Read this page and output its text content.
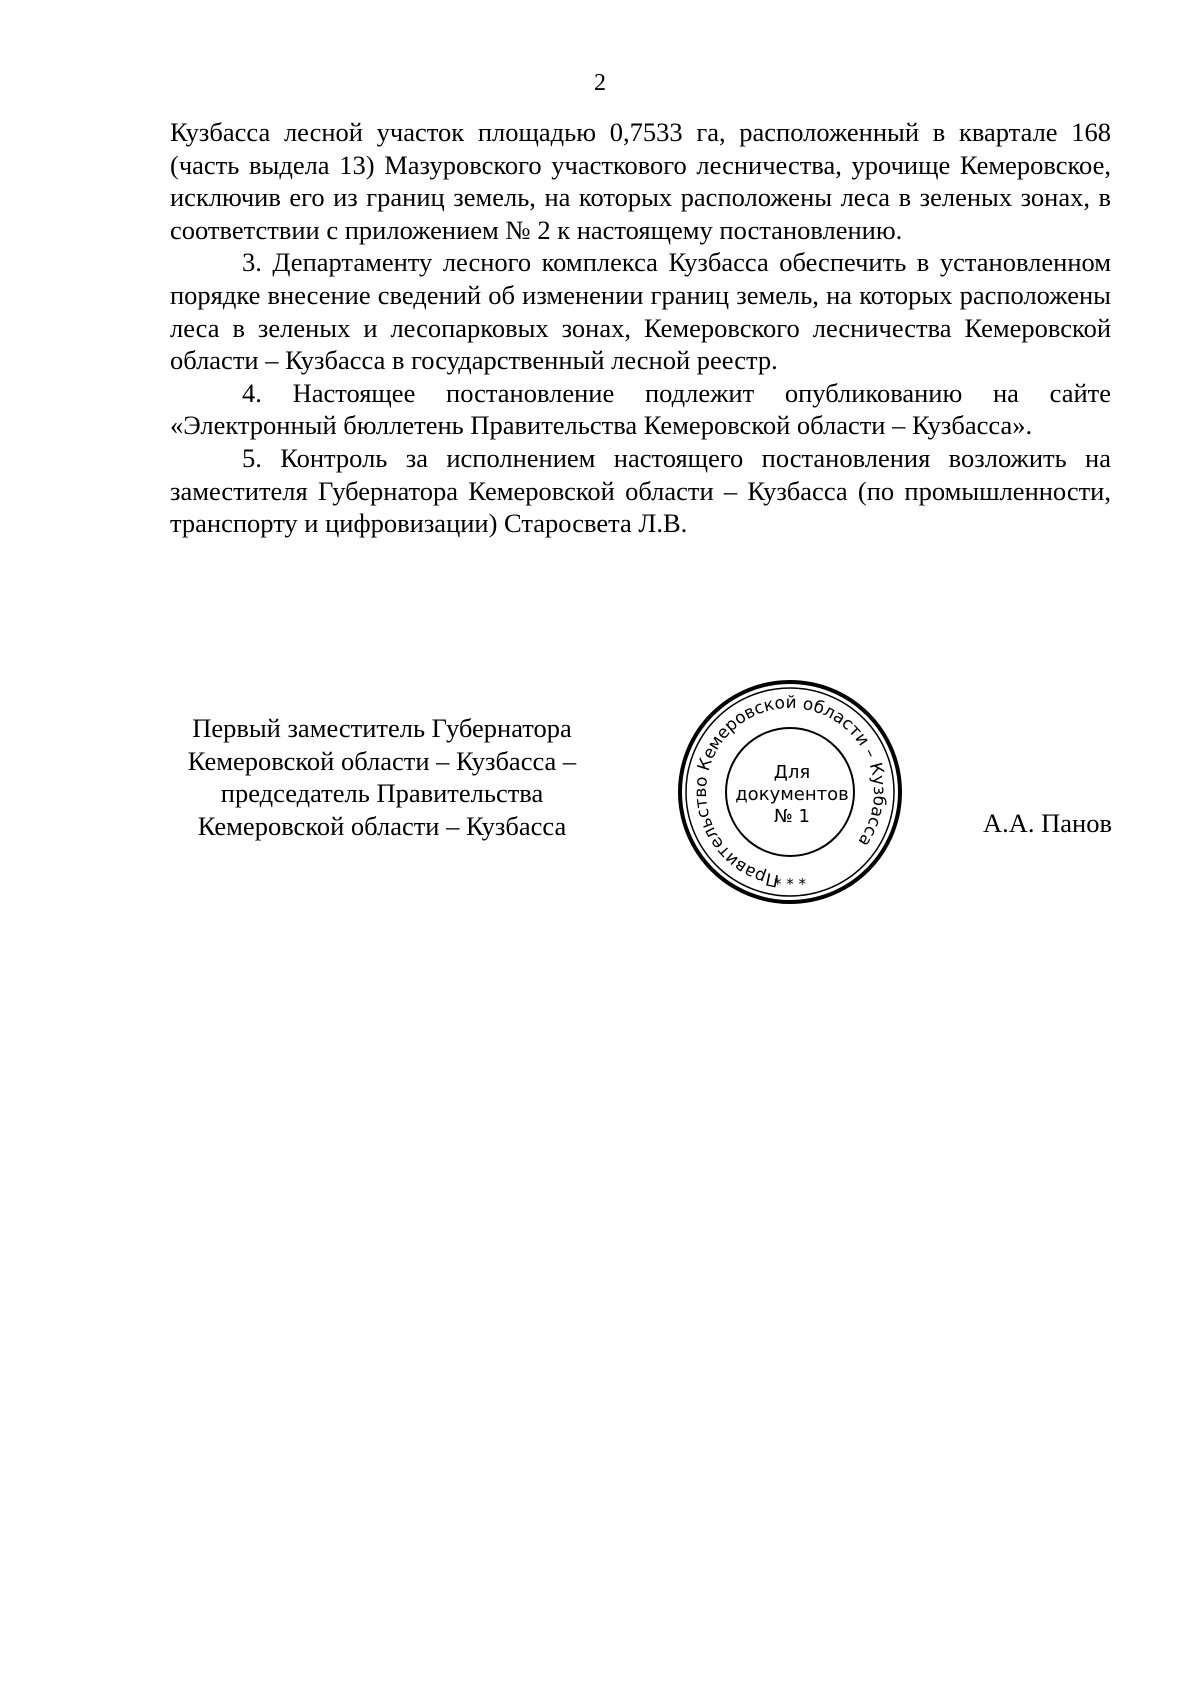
2
Кузбасса лесной участок площадью 0,7533 га, расположенный в квартале 168 (часть выдела 13) Мазуровского участкового лесничества, урочище Кемеровское, исключив его из границ земель, на которых расположены леса в зеленых зонах, в соответствии с приложением № 2 к настоящему постановлению.
3. Департаменту лесного комплекса Кузбасса обеспечить в установленном порядке внесение сведений об изменении границ земель, на которых расположены леса в зеленых и лесопарковых зонах, Кемеровского лесничества Кемеровской области – Кузбасса в государственный лесной реестр.
4. Настоящее постановление подлежит опубликованию на сайте «Электронный бюллетень Правительства Кемеровской области – Кузбасса».
5. Контроль за исполнением настоящего постановления возложить на заместителя Губернатора Кемеровской области – Кузбасса (по промышленности, транспорту и цифровизации) Старосвета Л.В.
Первый заместитель Губернатора
Кемеровской области – Кузбасса –
председатель Правительства
Кемеровской области – Кузбасса
Правительство Кемеровской области – Кузбасса
* * *
Для
документов
№ 1	А.А. Панов
